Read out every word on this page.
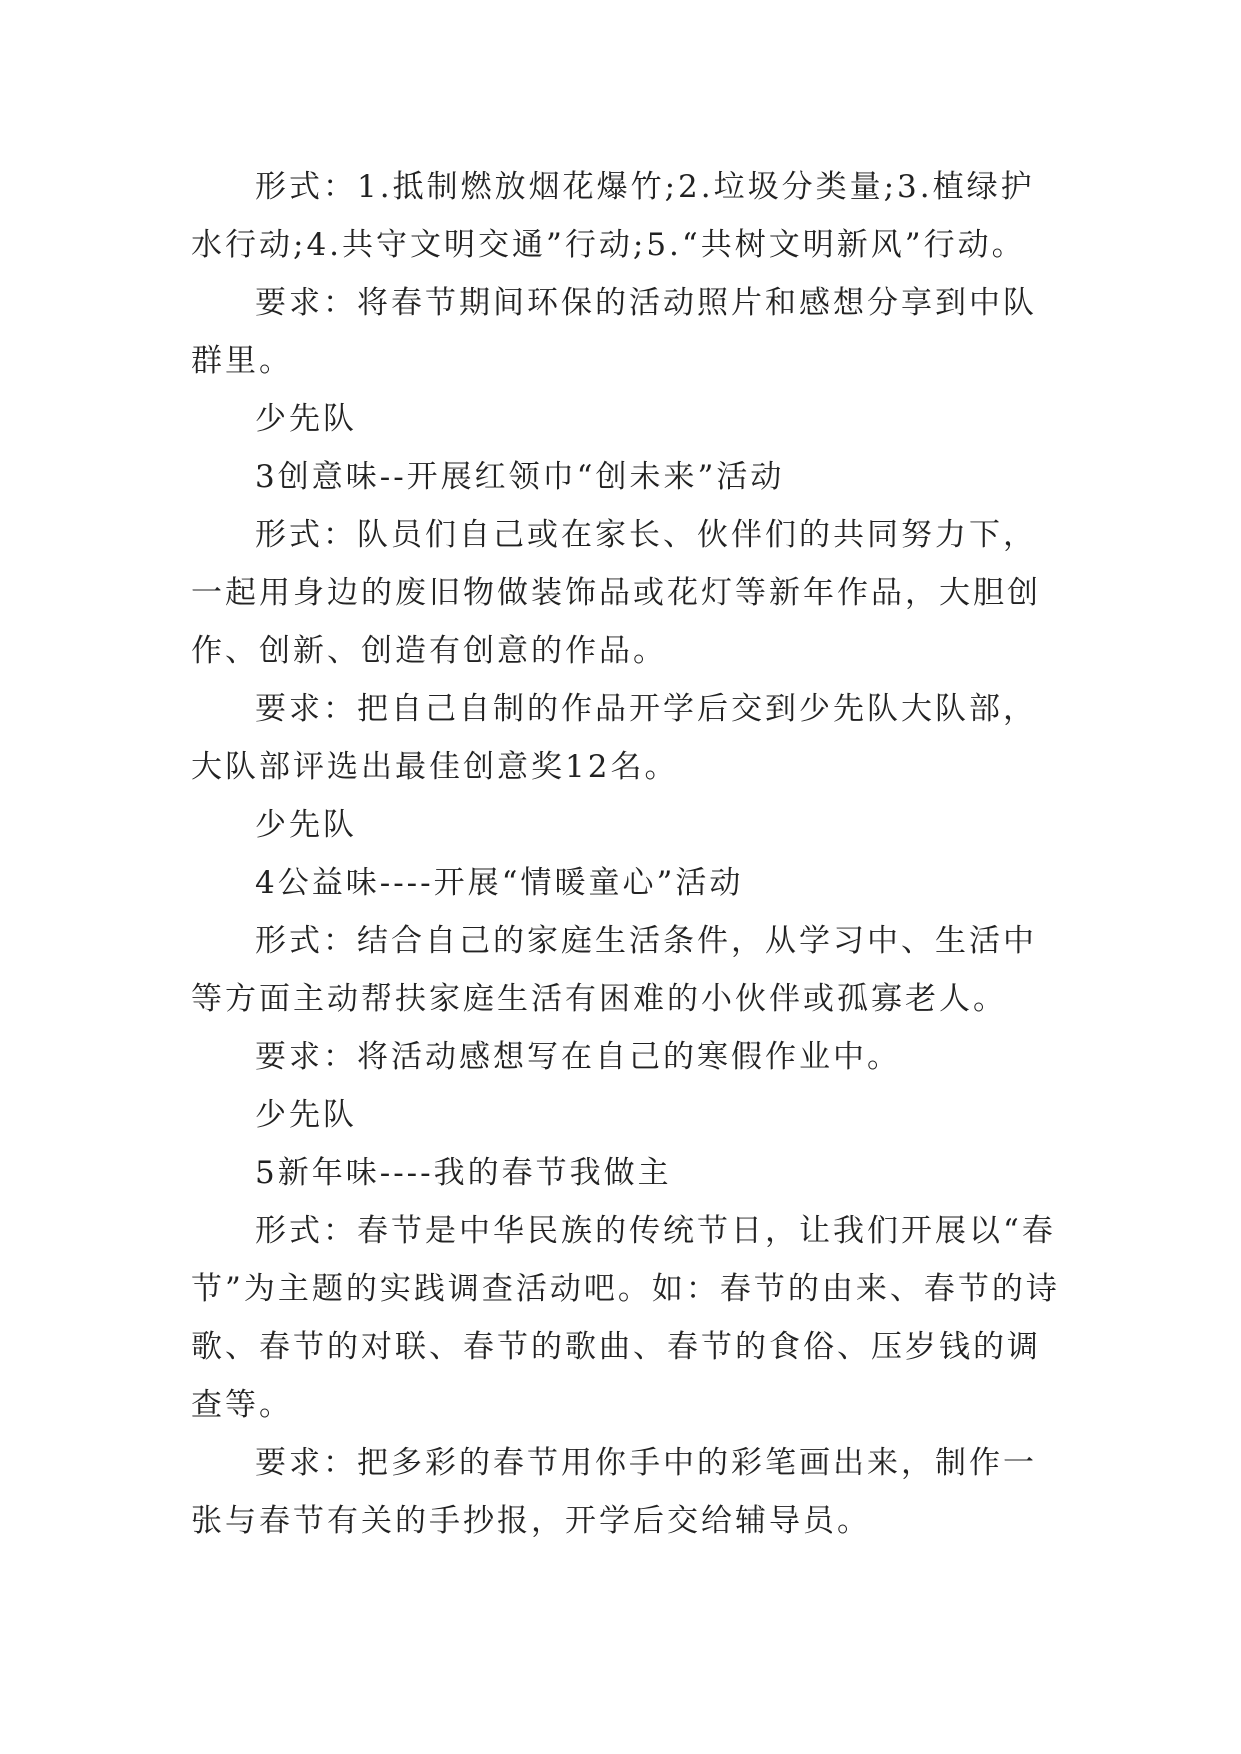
形式：1.抵制燃放烟花爆竹;2.垃圾分类量;3.植绿护水行动;4.共守文明交通”行动;5.“共树文明新风”行动。

要求：将春节期间环保的活动照片和感想分享到中队群里。

少先队

3创意味--开展红领巾“创未来”活动

形式：队员们自己或在家长、伙伴们的共同努力下，一起用身边的废旧物做装饰品或花灯等新年作品，大胆创作、创新、创造有创意的作品。

要求：把自己自制的作品开学后交到少先队大队部，大队部评选出最佳创意奖12名。

少先队

4公益味----开展“情暖童心”活动

形式：结合自己的家庭生活条件，从学习中、生活中等方面主动帮扶家庭生活有困难的小伙伴或孤寡老人。

要求：将活动感想写在自己的寒假作业中。

少先队

5新年味----我的春节我做主

形式：春节是中华民族的传统节日，让我们开展以“春节”为主题的实践调查活动吧。如：春节的由来、春节的诗歌、春节的对联、春节的歌曲、春节的食俗、压岁钱的调查等。

要求：把多彩的春节用你手中的彩笔画出来，制作一张与春节有关的手抄报，开学后交给辅导员。
